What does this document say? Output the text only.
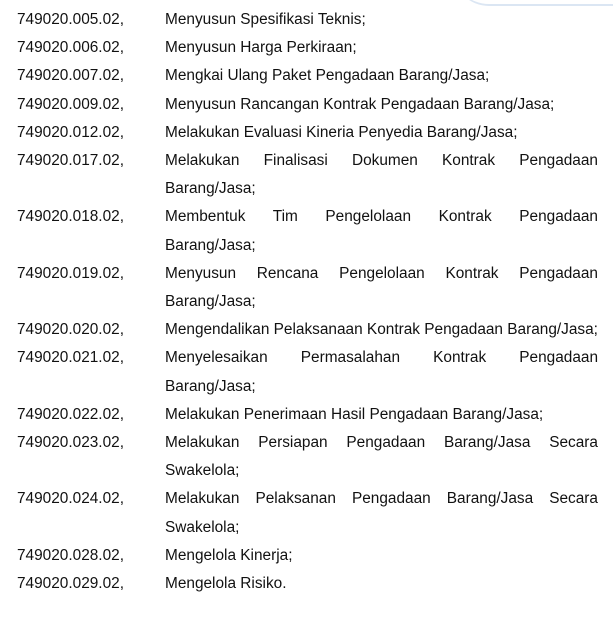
749020.005.02,	Menyusun Spesifikasi Teknis;
749020.006.02,	Menyusun Harga Perkiraan;
749020.007.02,	Mengkai Ulang Paket Pengadaan Barang/Jasa;
749020.009.02,	Menyusun Rancangan Kontrak Pengadaan Barang/Jasa;
749020.012.02,	Melakukan Evaluasi Kineria Penyedia Barang/Jasa;
749020.017.02,	Melakukan Finalisasi Dokumen Kontrak Pengadaan Barang/Jasa;
749020.018.02,	Membentuk Tim Pengelolaan Kontrak Pengadaan Barang/Jasa;
749020.019.02,	Menyusun Rencana Pengelolaan Kontrak Pengadaan Barang/Jasa;
749020.020.02,	Mengendalikan Pelaksanaan Kontrak Pengadaan Barang/Jasa;
749020.021.02,	Menyelesaikan Permasalahan Kontrak Pengadaan Barang/Jasa;
749020.022.02,	Melakukan Penerimaan Hasil Pengadaan Barang/Jasa;
749020.023.02,	Melakukan Persiapan Pengadaan Barang/Jasa Secara Swakelola;
749020.024.02,	Melakukan Pelaksanan Pengadaan Barang/Jasa Secara Swakelola;
749020.028.02,	Mengelola Kinerja;
749020.029.02,	Mengelola Risiko.
